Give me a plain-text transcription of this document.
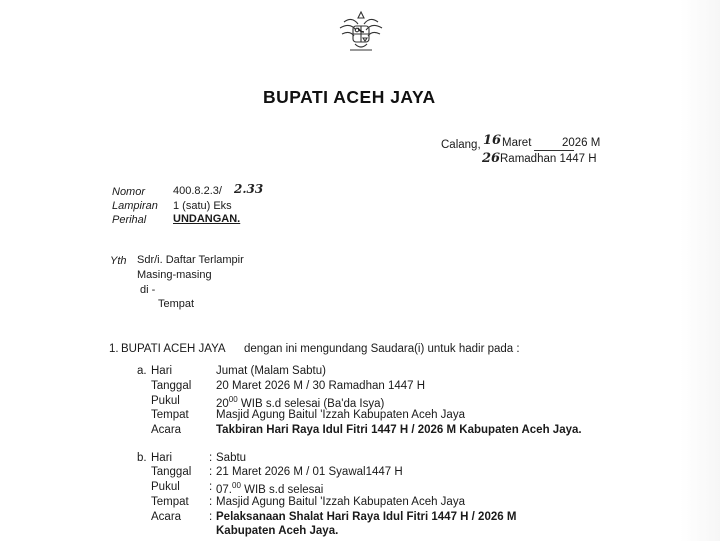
BUPATI ACEH JAYA
Calang, 16 Maret	2026 M
26 Ramadhan 1447 H
Nomor	400.8.2.3/ 2.33
Lampiran 1 (satu) Eks
Perihal UNDANGAN.
Yth Sdr/i. Daftar Terlampir
Masing-masing
di -
Tempat
1. BUPATI ACEH JAYA dengan ini mengundang Saudara(i) untuk hadir pada :
a. Hari	Jumat (Malam Sabtu)
Tanggal 20 Maret 2026 M / 30 Ramadhan 1447 H
Pukul	$20^{00}$ WIB s.d selesai (Ba'da Isya)
Tempat Masjid Agung Baitul 'Izzah Kabupaten Aceh Jaya
Acara	Takbiran Hari Raya Idul Fitri 1447 H / 2026 M Kabupaten Aceh Jaya.
b. Hari	: Sabtu
Tanggal : 21 Maret 2026 M / 01 Syawal1447 H
Pukul	: 07.00 WIB s.d selesai
Tempat : Masjid Agung Baitul 'Izzah Kabupaten Aceh Jaya
Acara : Pelaksanaan Shalat Hari Raya Idul Fitri 1447 H / 2026 M
Kabupaten Aceh Jaya.
